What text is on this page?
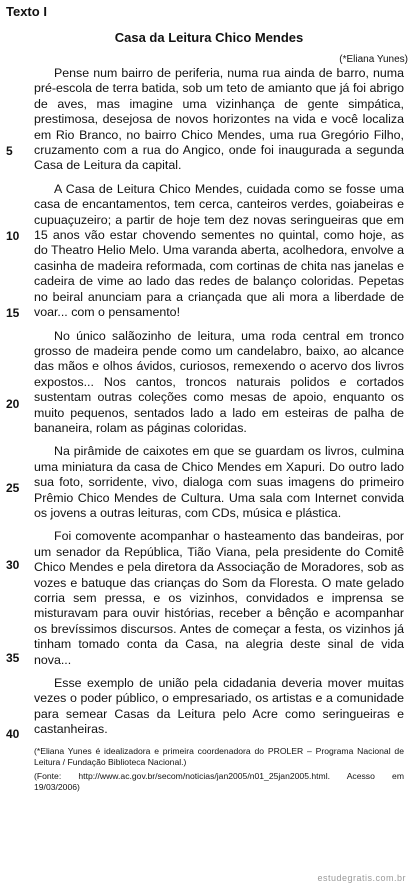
Texto I
Casa da Leitura Chico Mendes
(*Eliana Yunes)
5
10
15
20
25
30
35
40

Pense num bairro de periferia, numa rua ainda de barro, numa pré-escola de terra batida, sob um teto de amianto que já foi abrigo de aves, mas imagine uma vizinhança de gente simpática, prestimosa, desejosa de novos horizontes na vida e você localiza em Rio Branco, no bairro Chico Mendes, uma rua Gregório Filho, cruzamento com a rua do Angico, onde foi inaugurada a segunda Casa de Leitura da capital.

A Casa de Leitura Chico Mendes, cuidada como se fosse uma casa de encantamentos, tem cerca, canteiros verdes, goiabeiras e cupuaçuzeiro; a partir de hoje tem dez novas seringueiras que em 15 anos vão estar chovendo sementes no quintal, como hoje, as do Theatro Helio Melo. Uma varanda aberta, acolhedora, envolve a casinha de madeira reformada, com cortinas de chita nas janelas e cadeira de vime ao lado das redes de balanço coloridas. Pepetas no beiral anunciam para a criançada que ali mora a liberdade de voar... com o pensamento!

No único salãozinho de leitura, uma roda central em tronco grosso de madeira pende como um candelabro, baixo, ao alcance das mãos e olhos ávidos, curiosos, remexendo o acervo dos livros expostos... Nos cantos, troncos naturais polidos e cortados sustentam outras coleções como mesas de apoio, enquanto os muito pequenos, sentados lado a lado em esteiras de palha de bananeira, rolam as páginas coloridas.

Na pirâmide de caixotes em que se guardam os livros, culmina uma miniatura da casa de Chico Mendes em Xapuri. Do outro lado sua foto, sorridente, vivo, dialoga com suas imagens do primeiro Prêmio Chico Mendes de Cultura. Uma sala com Internet convida os jovens a outras leituras, com CDs, música e plástica.

Foi comovente acompanhar o hasteamento das bandeiras, por um senador da República, Tião Viana, pela presidente do Comitê Chico Mendes e pela diretora da Associação de Moradores, sob as vozes e batuque das crianças do Som da Floresta. O mate gelado corria sem pressa, e os vizinhos, convidados e imprensa se misturavam para ouvir histórias, receber a bênção e acompanhar os brevíssimos discursos. Antes de começar a festa, os vizinhos já tinham tomado conta da Casa, na alegria deste sinal de vida nova...

Esse exemplo de união pela cidadania deveria mover muitas vezes o poder público, o empresariado, os artistas e a comunidade para semear Casas da Leitura pelo Acre como seringueiras e castanheiras.

(*Eliana Yunes é idealizadora e primeira coordenadora do PROLER – Programa Nacional de Leitura / Fundação Biblioteca Nacional.)

(Fonte: http://www.ac.gov.br/secom/noticias/jan2005/n01_25jan2005.html. Acesso em 19/03/2006)

estudegratis.com.br
